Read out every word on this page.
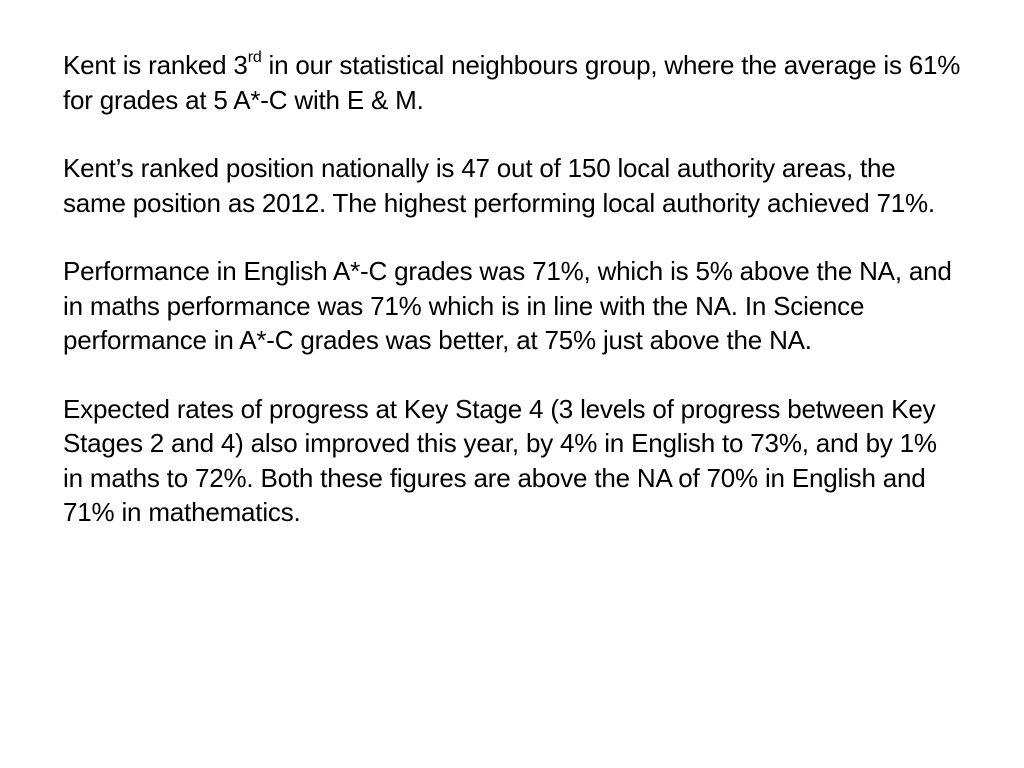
Kent is ranked 3rd in our statistical neighbours group, where the average is 61% for grades at 5 A*-C with E & M.

Kent’s ranked position nationally is 47 out of 150 local authority areas, the same position as 2012. The highest performing local authority achieved 71%.

Performance in English A*-C grades was 71%, which is 5% above the NA, and in maths performance was 71% which is in line with the NA. In Science performance in A*-C grades was better, at 75% just above the NA.

Expected rates of progress at Key Stage 4 (3 levels of progress between Key Stages 2 and 4) also improved this year, by 4% in English to 73%, and by 1% in maths to 72%. Both these figures are above the NA of 70% in English and 71% in mathematics.
